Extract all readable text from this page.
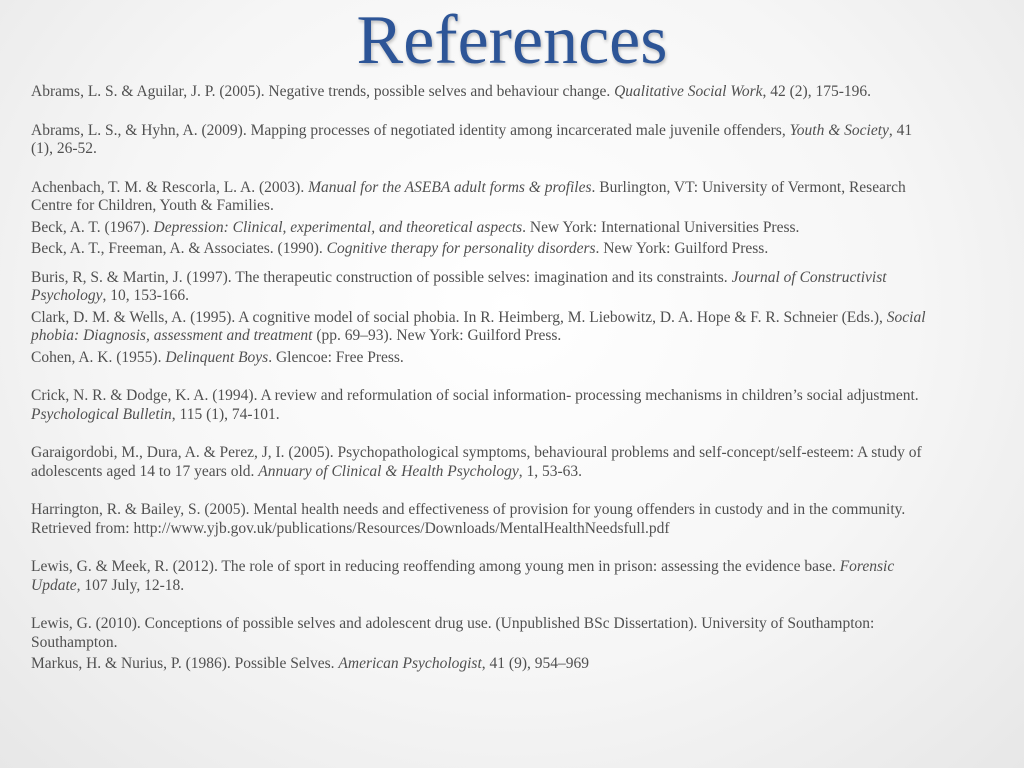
References

Abrams, L. S. & Aguilar, J. P. (2005). Negative trends, possible selves and behaviour change. Qualitative Social Work, 42 (2), 175-196.

Abrams, L. S., & Hyhn, A. (2009). Mapping processes of negotiated identity among incarcerated male juvenile offenders, Youth & Society, 41 (1), 26-52.

Achenbach, T. M. & Rescorla, L. A. (2003). Manual for the ASEBA adult forms & profiles. Burlington, VT: University of Vermont, Research Centre for Children, Youth & Families.

Beck, A. T. (1967). Depression: Clinical, experimental, and theoretical aspects. New York: International Universities Press.

Beck, A. T., Freeman, A. & Associates. (1990). Cognitive therapy for personality disorders. New York: Guilford Press.

Buris, R, S. & Martin, J. (1997). The therapeutic construction of possible selves: imagination and its constraints. Journal of Constructivist Psychology, 10, 153-166.

Clark, D. M. & Wells, A. (1995). A cognitive model of social phobia. In R. Heimberg, M. Liebowitz, D. A. Hope & F. R. Schneier (Eds.), Social phobia: Diagnosis, assessment and treatment (pp. 69–93). New York: Guilford Press.

Cohen, A. K. (1955). Delinquent Boys. Glencoe: Free Press.

Crick, N. R. & Dodge, K. A. (1994). A review and reformulation of social information- processing mechanisms in children’s social adjustment. Psychological Bulletin, 115 (1), 74-101.

Garaigordobi, M., Dura, A. & Perez, J, I. (2005). Psychopathological symptoms, behavioural problems and self-concept/self-esteem: A study of adolescents aged 14 to 17 years old. Annuary of Clinical & Health Psychology, 1, 53-63.

Harrington, R. & Bailey, S. (2005). Mental health needs and effectiveness of provision for young offenders in custody and in the community. Retrieved from: http://www.yjb.gov.uk/publications/Resources/Downloads/MentalHealthNeedsfull.pdf

Lewis, G. & Meek, R. (2012). The role of sport in reducing reoffending among young men in prison: assessing the evidence base. Forensic Update, 107 July, 12-18.

Lewis, G. (2010). Conceptions of possible selves and adolescent drug use. (Unpublished BSc Dissertation). University of Southampton: Southampton.

Markus, H. & Nurius, P. (1986). Possible Selves. American Psychologist, 41 (9), 954–969
